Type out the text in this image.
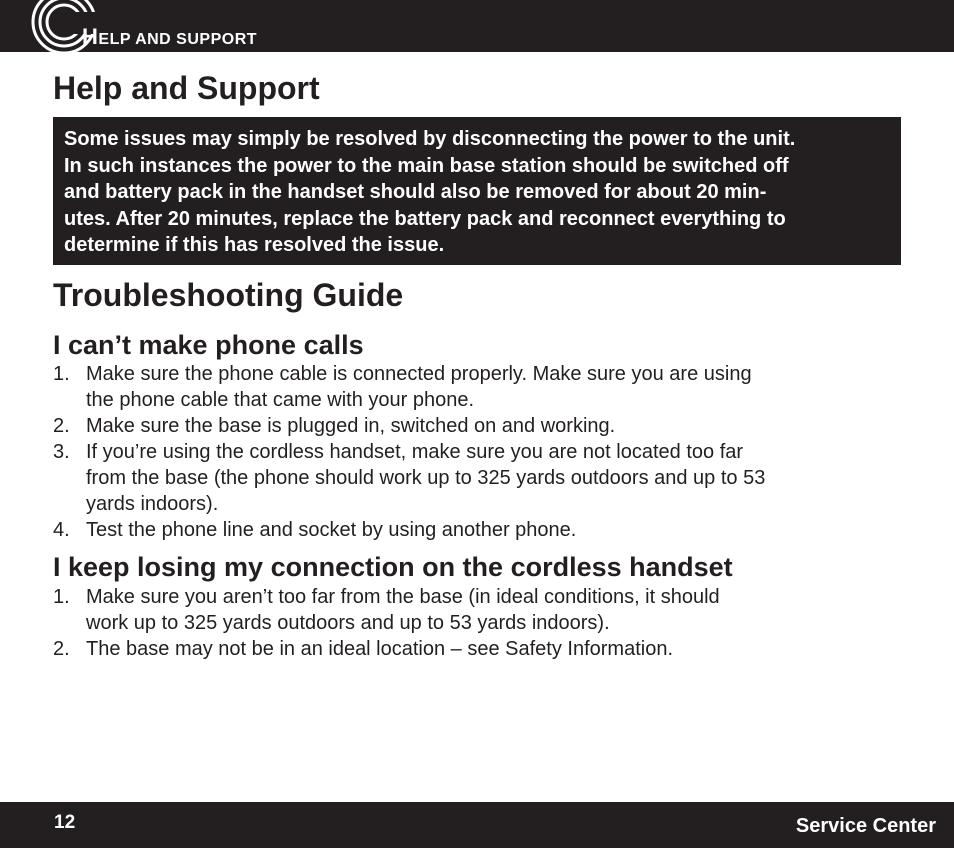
HELP AND SUPPORT
Help and Support

Some issues may simply be resolved by disconnecting the power to the unit.
In such instances the power to the main base station should be switched off
and battery pack in the handset should also be removed for about 20 min-
utes. After 20 minutes, replace the battery pack and reconnect everything to
determine if this has resolved the issue.

Troubleshooting Guide
I can’t make phone calls
1. Make sure the phone cable is connected properly. Make sure you are using
the phone cable that came with your phone.
2. Make sure the base is plugged in, switched on and working.
3. If you’re using the cordless handset, make sure you are not located too far
from the base (the phone should work up to 325 yards outdoors and up to 53
yards indoors).
4. Test the phone line and socket by using another phone.
I keep losing my connection on the cordless handset
1. Make sure you aren’t too far from the base (in ideal conditions, it should
work up to 325 yards outdoors and up to 53 yards indoors).
2. The base may not be in an ideal location – see Safety Information.
12	Service Center
